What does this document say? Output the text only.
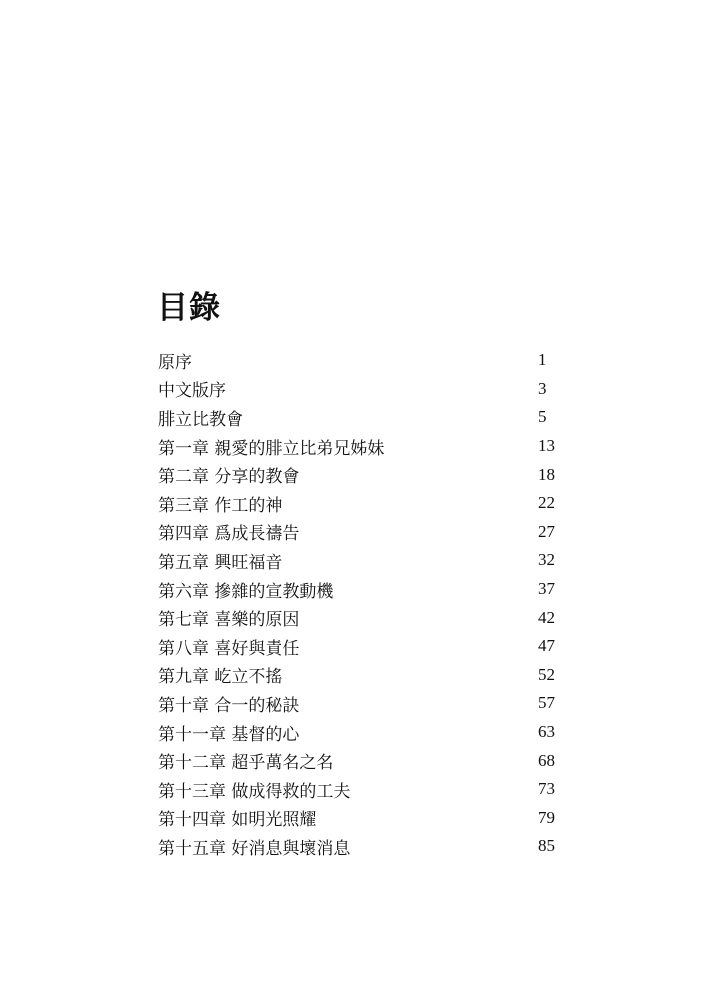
目錄
原序	1
中文版序	3
腓立比教會	5
第一章 親愛的腓立比弟兄姊妹	13
第二章 分享的教會	18
第三章 作工的神	22
第四章 爲成長禱告	27
第五章 興旺福音	32
第六章 摻雜的宣教動機	37
第七章 喜樂的原因	42
第八章 喜好與責任	47
第九章 屹立不搖	52
第十章 合一的秘訣	57
第十一章 基督的心	63
第十二章 超乎萬名之名	68
第十三章 做成得救的工夫	73
第十四章 如明光照耀	79
第十五章 好消息與壞消息	85
